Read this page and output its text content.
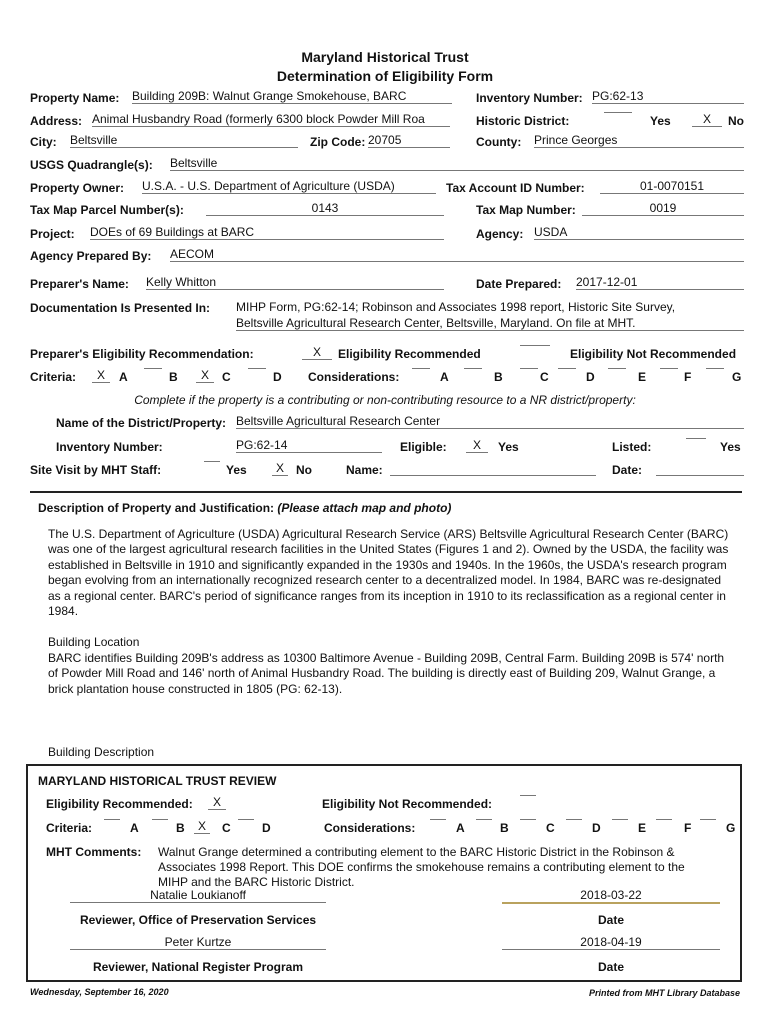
Maryland Historical Trust
Determination of Eligibility Form
Property Name: Building 209B: Walnut Grange Smokehouse, BARC	Inventory Number: PG:62-13
Address: Animal Husbandry Road (formerly 6300 block Powder Mill Roa	Historic District:	Yes	X	No
City: Beltsville	Zip Code: 20705	County: Prince Georges
USGS Quadrangle(s): Beltsville
Property Owner: U.S.A. - U.S. Department of Agriculture (USDA)	Tax Account ID Number:	01-0070151
Tax Map Parcel Number(s):	0143	Tax Map Number:	0019
Project: DOEs of 69 Buildings at BARC	Agency: USDA
Agency Prepared By: AECOM
Preparer's Name: Kelly Whitton	Date Prepared: 2017-12-01
Documentation Is Presented In: MIHP Form, PG:62-14; Robinson and Associates 1998 report, Historic Site Survey,
Beltsville Agricultural Research Center, Beltsville, Maryland. On file at MHT.
Preparer's Eligibility Recommendation:	X	Eligibility Recommended	Eligibility Not Recommended
Criteria:	X	A	B	X	C	D Considerations:	A	B	C	D	E	F	G
Complete if the property is a contributing or non-contributing resource to a NR district/property:
Name of the District/Property: Beltsville Agricultural Research Center
Inventory Number:	PG:62-14	Eligible:	X	Yes	Listed:	Yes
Site Visit by MHT Staff:	Yes	X	No	Name:	Date:
Description of Property and Justification: (Please attach map and photo)

The U.S. Department of Agriculture (USDA) Agricultural Research Service (ARS) Beltsville Agricultural Research Center (BARC) was one of the largest agricultural research facilities in the United States (Figures 1 and 2). Owned by the USDA, the facility was established in Beltsville in 1910 and significantly expanded in the 1930s and 1940s. In the 1960s, the USDA's research program began evolving from an internationally recognized research center to a decentralized model. In 1984, BARC was re-designated as a regional center. BARC's period of significance ranges from its inception in 1910 to its reclassification as a regional center in 1984.

Building Location

BARC identifies Building 209B's address as 10300 Baltimore Avenue - Building 209B, Central Farm. Building 209B is 574' north of Powder Mill Road and 146' north of Animal Husbandry Road. The building is directly east of Building 209, Walnut Grange, a brick plantation house constructed in 1805 (PG: 62-13).

Building Description
MARYLAND HISTORICAL TRUST REVIEW
Eligibility Recommended:	X	Eligibility Not Recommended:
Criteria:	A	B	X	C	D	Considerations:	A	B	C	D	E	F	G
MHT Comments: Walnut Grange determined a contributing element to the BARC Historic District in the Robinson &
Associates 1998 Report. This DOE confirms the smokehouse remains a contributing element to the
MIHP and the BARC Historic District.
Natalie Loukianoff	2018-03-22
Reviewer, Office of Preservation Services	Date
Peter Kurtze	2018-04-19
Reviewer, National Register Program	Date
Wednesday, September 16, 2020	Printed from MHT Library Database
